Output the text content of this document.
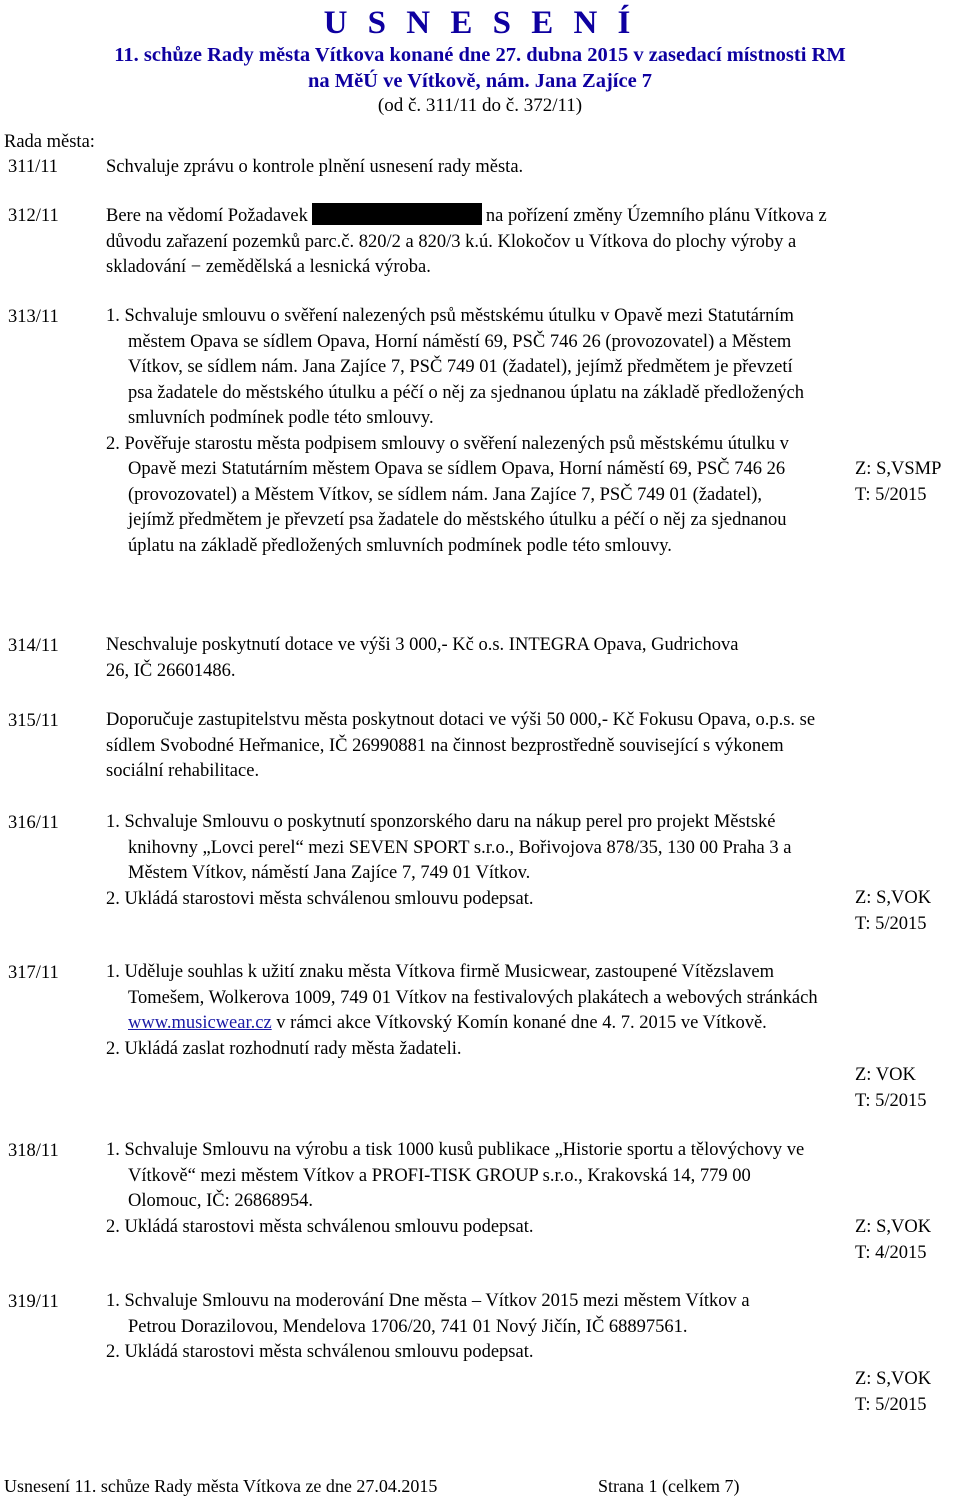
U S N E S E N Í
11. schůze Rady města Vítkova konané dne 27. dubna 2015 v zasedací místnosti RM
na MěÚ ve Vítkově, nám. Jana Zajíce 7
(od č. 311/11 do č. 372/11)
Rada města:
311/11	Schvaluje zprávu o kontrole plnění usnesení rady města.
312/11	Bere na vědomí Požadavek	na pořízení změny Územního plánu Vítkova z důvodu zařazení pozemků parc.č. 820/2 a 820/3 k.ú. Klokočov u Vítkova do plochy výroby a skladování − zemědělská a lesnická výroba.
313/11	1. Schvaluje smlouvu o svěření nalezených psů městskému útulku v Opavě mezi Statutárním městem Opava se sídlem Opava, Horní náměstí 69, PSČ 746 26 (provozovatel) a Městem Vítkov, se sídlem nám. Jana Zajíce 7, PSČ 749 01 (žadatel), jejímž předmětem je převzetí psa žadatele do městského útulku a péčí o něj za sjednanou úplatu na základě předložených smluvních podmínek podle této smlouvy.
2. Pověřuje starostu města podpisem smlouvy o svěření nalezených psů městskému útulku v Opavě mezi Statutárním městem Opava se sídlem Opava, Horní náměstí 69, PSČ 746 26 (provozovatel) a Městem Vítkov, se sídlem nám. Jana Zajíce 7, PSČ 749 01 (žadatel), jejímž předmětem je převzetí psa žadatele do městského útulku a péčí o něj za sjednanou úplatu na základě předložených smluvních podmínek podle této smlouvy.
Z: S,VSMP
T: 5/2015
314/11	Neschvaluje poskytnutí dotace ve výši 3 000,- Kč o.s. INTEGRA Opava, Gudrichova 26, IČ 26601486.
315/11	Doporučuje zastupitelstvu města poskytnout dotaci ve výši 50 000,- Kč Fokusu Opava, o.p.s. se sídlem Svobodné Heřmanice, IČ 26990881 na činnost bezprostředně související s výkonem sociální rehabilitace.
316/11	1. Schvaluje Smlouvu o poskytnutí sponzorského daru na nákup perel pro projekt Městské knihovny „Lovci perel“ mezi SEVEN SPORT s.r.o., Bořivojova 878/35, 130 00 Praha 3 a Městem Vítkov, náměstí Jana Zajíce 7, 749 01 Vítkov.
2. Ukládá starostovi města schválenou smlouvu podepsat.	Z: S,VOK
T: 5/2015
317/11	1. Uděluje souhlas k užití znaku města Vítkova firmě Musicwear, zastoupené Vítězslavem Tomešem, Wolkerova 1009, 749 01 Vítkov na festivalových plakátech a webových stránkách www.musicwear.cz v rámci akce Vítkovský Komín konané dne 4. 7. 2015 ve Vítkově.
2. Ukládá zaslat rozhodnutí rady města žadateli.
Z: VOK
T: 5/2015
318/11	1. Schvaluje Smlouvu na výrobu a tisk 1000 kusů publikace „Historie sportu a tělovýchovy ve Vítkově“ mezi městem Vítkov a PROFI-TISK GROUP s.r.o., Krakovská 14, 779 00 Olomouc, IČ: 26868954.
2. Ukládá starostovi města schválenou smlouvu podepsat.	Z: S,VOK
T: 4/2015
319/11	1. Schvaluje Smlouvu na moderování Dne města – Vítkov 2015 mezi městem Vítkov a Petrou Dorazilovou, Mendelova 1706/20, 741 01 Nový Jičín, IČ 68897561.
2. Ukládá starostovi města schválenou smlouvu podepsat.
Z: S,VOK
T: 5/2015
Usnesení 11. schůze Rady města Vítkova ze dne 27.04.2015	Strana 1 (celkem 7)
